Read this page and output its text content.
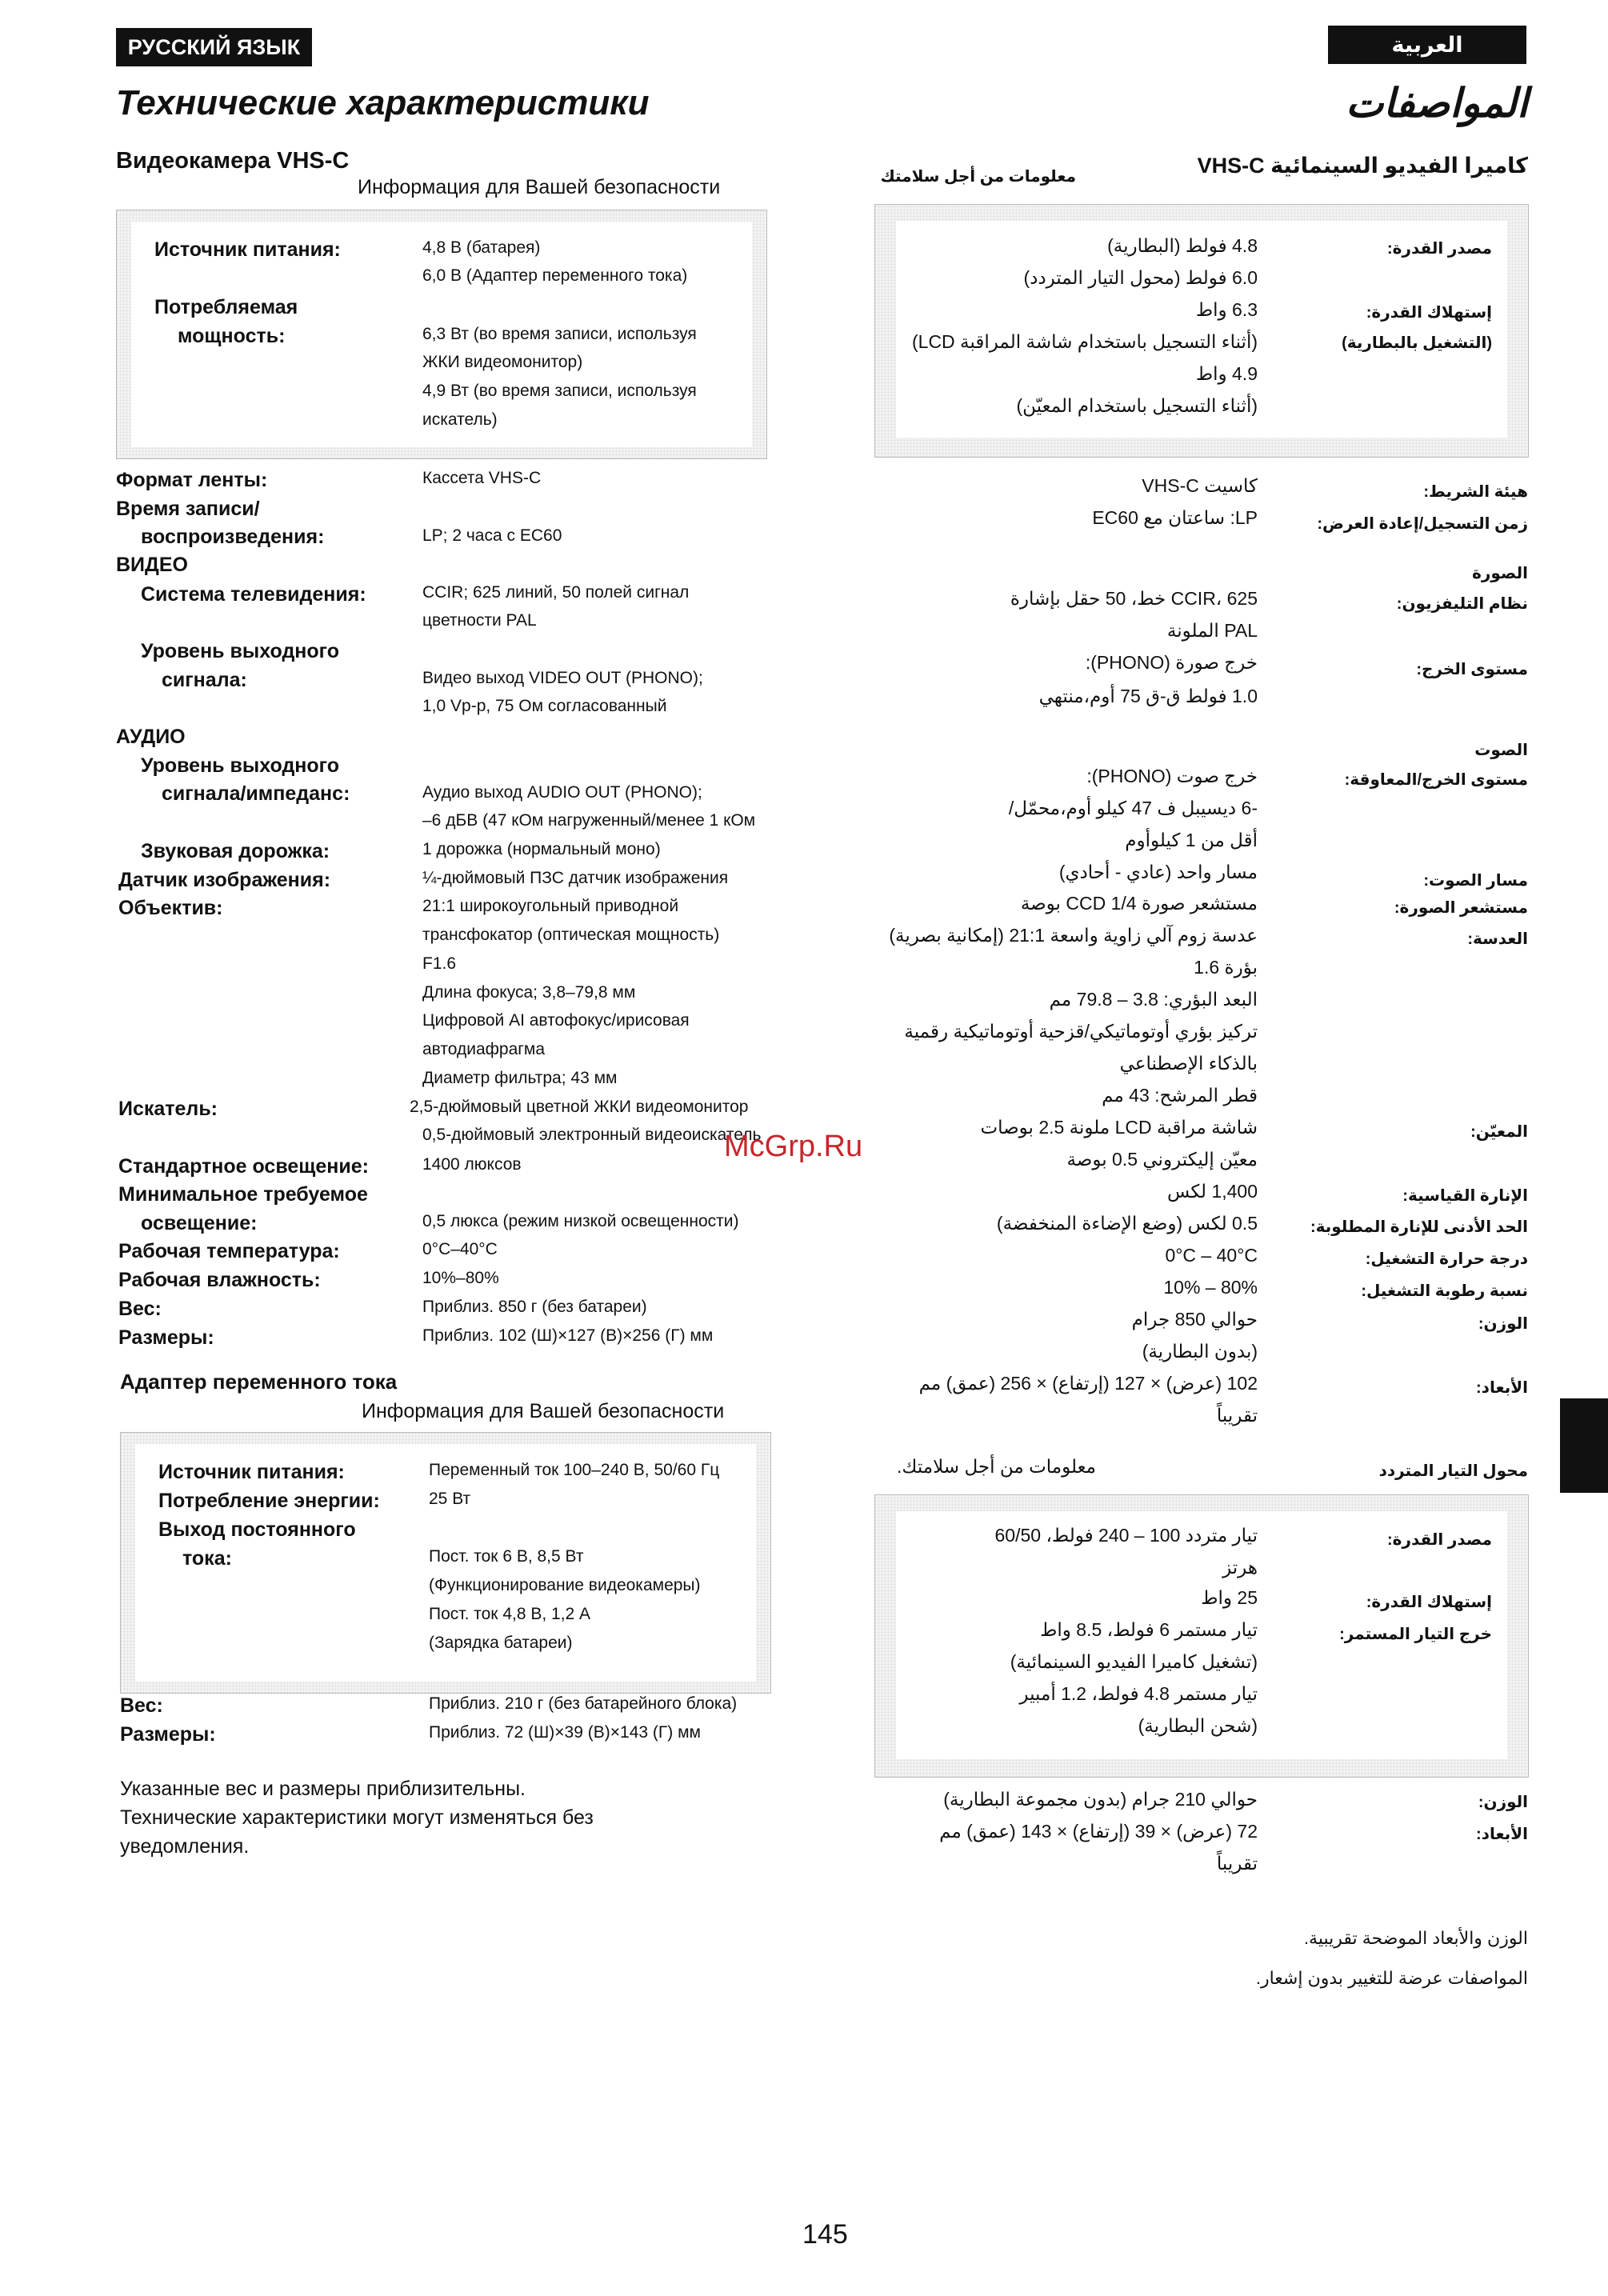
РУССКИЙ ЯЗЫК	العربية
Технические характеристики	المواصفات
Видеокамера VHS-C
Информация для Вашей безопасности
Источник питания:	4,8 В (батарея)
6,0 В (Адаптер переменного тока)
Потребляемая
мощность:	6,3 Вт (во время записи, используя
ЖКИ видеомонитор)
4,9 Вт (во время записи, используя
искатель)
Формат ленты:	Кассета VHS-C
Время записи/
воспроизведения:	LP; 2 часа с EC60
ВИДЕО
Система телевидения:	CCIR; 625 линий, 50 полей сигнал
цветности PAL
Уровень выходного
сигнала:	Видео выход VIDEO OUT (PHONO);
1,0 Vp-p, 75 Ом согласованный
АУДИО
Уровень выходного
сигнала/импеданс:	Аудио выход AUDIO OUT (PHONO);
–6 дБВ (47 кОм нагруженный/менее 1 кОм
Звуковая дорожка:	1 дорожка (нормальный моно)
Датчик изображения:	¼-дюймовый ПЗС датчик изображения
Объектив:	21:1 широкоугольный приводной
трансфокатор (оптическая мощность)
F1.6
Длина фокуса; 3,8–79,8 мм
Цифровой AI автофокус/ирисовая
автодиафрагма
Диаметр фильтра; 43 мм
Искатель:	2,5-дюймовый цветной ЖКИ видеомонитор
0,5-дюймовый электронный видеоискатель
Стандартное освещение:	1400 люксов
Минимальное требуемое
освещение:	0,5 люкса (режим низкой освещенности)
Рабочая температура:	0°C–40°C
Рабочая влажность:	10%–80%
Вес:	Приблиз. 850 г (без батареи)
Размеры:	Приблиз. 102 (Ш)×127 (В)×256 (Г) мм
Адаптер переменного тока
Информация для Вашей безопасности
Источник питания:	Переменный ток 100–240 В, 50/60 Гц
Потребление энергии:	25 Вт
Выход постоянного
тока:	Пост. ток 6 В, 8,5 Вт
(Функционирование видеокамеры)
Пост. ток 4,8 В, 1,2 А
(Зарядка батареи)
Вес:	Приблиз. 210 г (без батарейного блока)
Размеры:	Приблиз. 72 (Ш)×39 (В)×143 (Г) мм
Указанные вес и размеры приблизительны.
Технические характеристики могут изменяться без
уведомления.
كاميرا الفيديو السينمائية VHS-C
معلومات من أجل سلامتك
مصدر القدرة:
4.8 فولط (البطارية)
6.0 فولط (محول التيار المتردد)
إستهلاك القدرة:
(التشغيل بالبطارية)
6.3 واط
(أثناء التسجيل باستخدام شاشة المراقبة LCD)
4.9 واط
(أثناء التسجيل باستخدام المعيّن)
هيئة الشريط:
كاسيت VHS-C
زمن التسجيل/إعادة العرض:
LP: ساعتان مع EC60
الصورة
نظام التليفزيون:
CCIR، 625 خط، 50 حقل بإشارة
PAL الملونة
مستوى الخرج:
خرج صورة (PHONO):
1.0 فولط ق-ق 75 أوم،منتهي
الصوت
مستوى الخرج/المعاوقة:
خرج صوت (PHONO):
-6 ديسيبل ف 47 كيلو أوم،محمّل/
أقل من 1 كيلوأوم
مسار الصوت:
مسار واحد (عادي - أحادي)
مستشعر الصورة:
مستشعر صورة CCD 1/4 بوصة
العدسة:
عدسة زوم آلي زاوية واسعة 21:1 (إمكانية بصرية)
بؤرة 1.6
البعد البؤري: 3.8 – 79.8 مم
تركيز بؤري أوتوماتيكي/قزحية أوتوماتيكية رقمية
بالذكاء الإصطناعي
قطر المرشح: 43 مم
المعيّن:
شاشة مراقبة LCD ملونة 2.5 بوصات
معيّن إليكتروني 0.5 بوصة
الإنارة القياسية:
1,400 لكس
الحد الأدنى للإنارة المطلوبة:
0.5 لكس (وضع الإضاءة المنخفضة)
درجة حرارة التشغيل:
0°C – 40°C
نسبة رطوبة التشغيل:
10% – 80%
الوزن:
حوالي 850 جرام
(بدون البطارية)
الأبعاد:
102 (عرض) × 127 (إرتفاع) × 256 (عمق) مم
تقريباً
محول التيار المتردد
معلومات من أجل سلامتك.
مصدر القدرة:
تيار متردد 100 – 240 فولط، 60/50
هرتز
إستهلاك القدرة:
25 واط
خرج التيار المستمر:
تيار مستمر 6 فولط، 8.5 واط
(تشغيل كاميرا الفيديو السينمائية)
تيار مستمر 4.8 فولط، 1.2 أمبير
(شحن البطارية)
الوزن:
حوالي 210 جرام (بدون مجموعة البطارية)
الأبعاد:
72 (عرض) × 39 (إرتفاع) × 143 (عمق) مم
تقريباً
الوزن والأبعاد الموضحة تقريبية.
المواصفات عرضة للتغيير بدون إشعار.
McGrp.Ru
145
